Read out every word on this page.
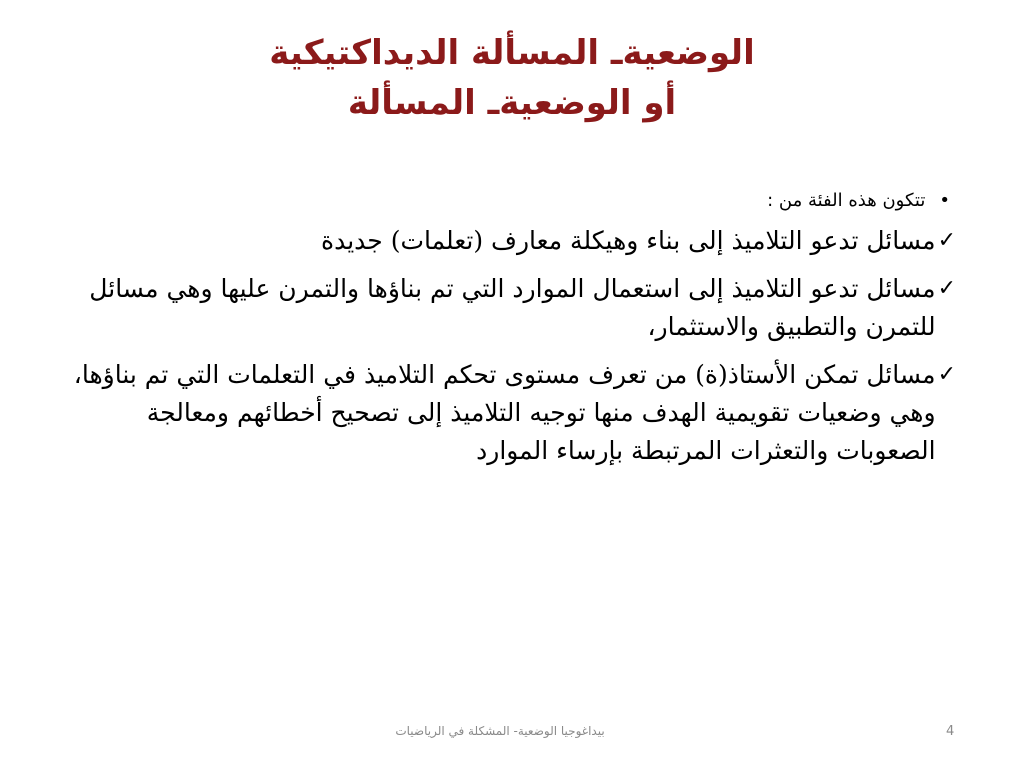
الوضعيةـ المسألة الديداكتيكية
أو الوضعيةـ المسألة
•
تتكون هذه الفئة من :
✓
مسائل تدعو التلاميذ إلى بناء وهيكلة معارف (تعلمات) جديدة
✓
مسائل تدعو التلاميذ إلى استعمال الموارد التي تم بناؤها والتمرن عليها وهي مسائل للتمرن والتطبيق والاستثمار،
✓
مسائل تمكن الأستاذ(ة) من تعرف مستوى تحكم التلاميذ في التعلمات التي تم بناؤها، وهي وضعيات تقويمية الهدف منها توجيه التلاميذ إلى تصحيح أخطائهم ومعالجة الصعوبات والتعثرات المرتبطة بإرساء الموارد
بيداغوجيا الوضعية- المشكلة في الرياضيات	4
